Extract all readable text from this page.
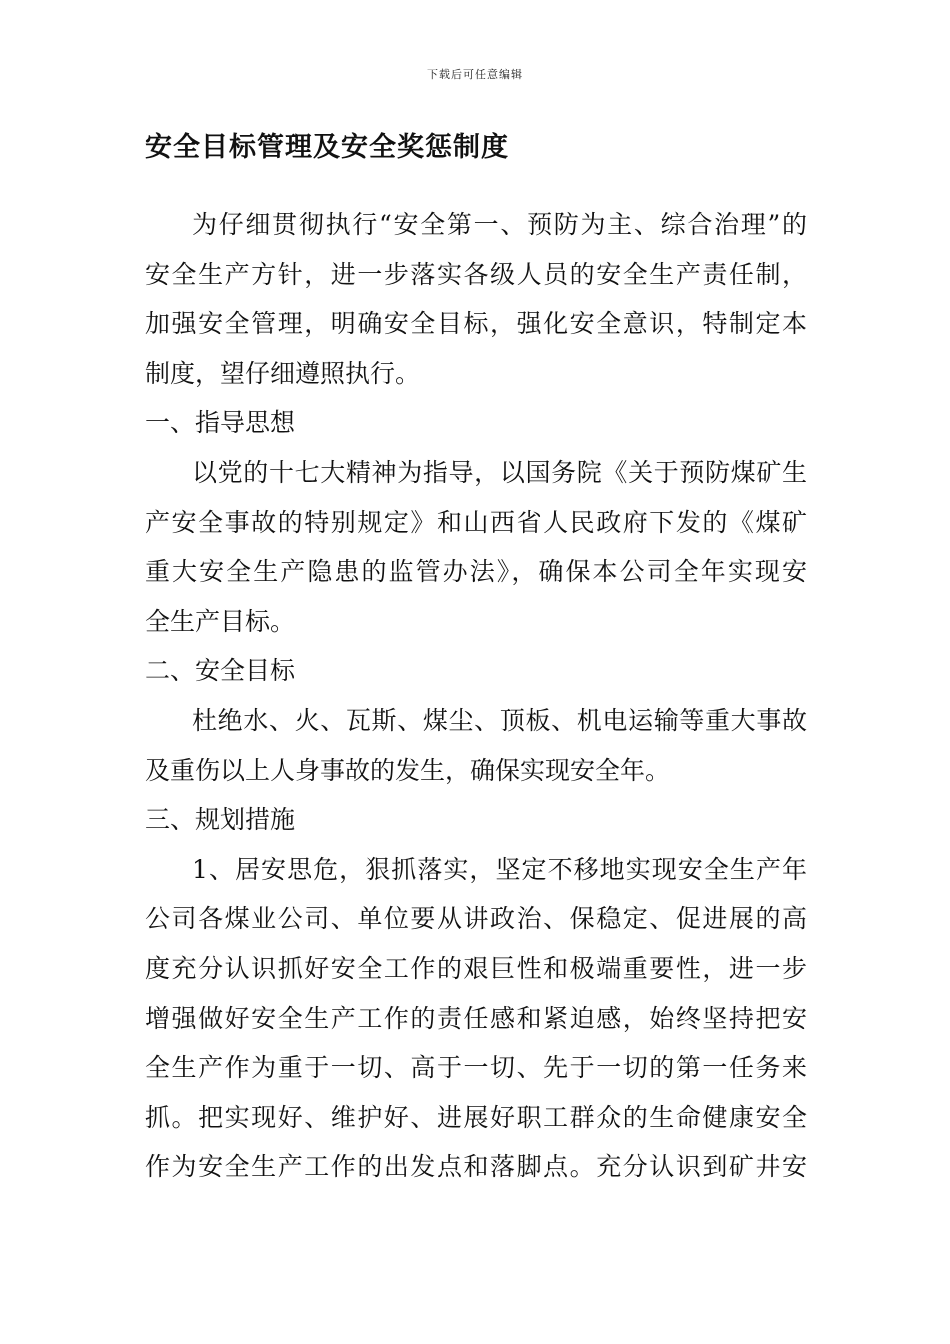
下载后可任意编辑
安全目标管理及安全奖惩制度
为仔细贯彻执行“安全第一、预防为主、综合治理”的
安全生产方针，进一步落实各级人员的安全生产责任制，
加强安全管理，明确安全目标，强化安全意识，特制定本
制度，望仔细遵照执行。
一、指导思想
以党的十七大精神为指导，以国务院《关于预防煤矿生
产安全事故的特别规定》和山西省人民政府下发的《煤矿
重大安全生产隐患的监管办法》，确保本公司全年实现安
全生产目标。
二、安全目标
杜绝水、火、瓦斯、煤尘、顶板、机电运输等重大事故
及重伤以上人身事故的发生，确保实现安全年。
三、规划措施
1、居安思危，狠抓落实，坚定不移地实现安全生产年
公司各煤业公司、单位要从讲政治、保稳定、促进展的高
度充分认识抓好安全工作的艰巨性和极端重要性，进一步
增强做好安全生产工作的责任感和紧迫感，始终坚持把安
全生产作为重于一切、高于一切、先于一切的第一任务来
抓。把实现好、维护好、进展好职工群众的生命健康安全
作为安全生产工作的出发点和落脚点。充分认识到矿井安
